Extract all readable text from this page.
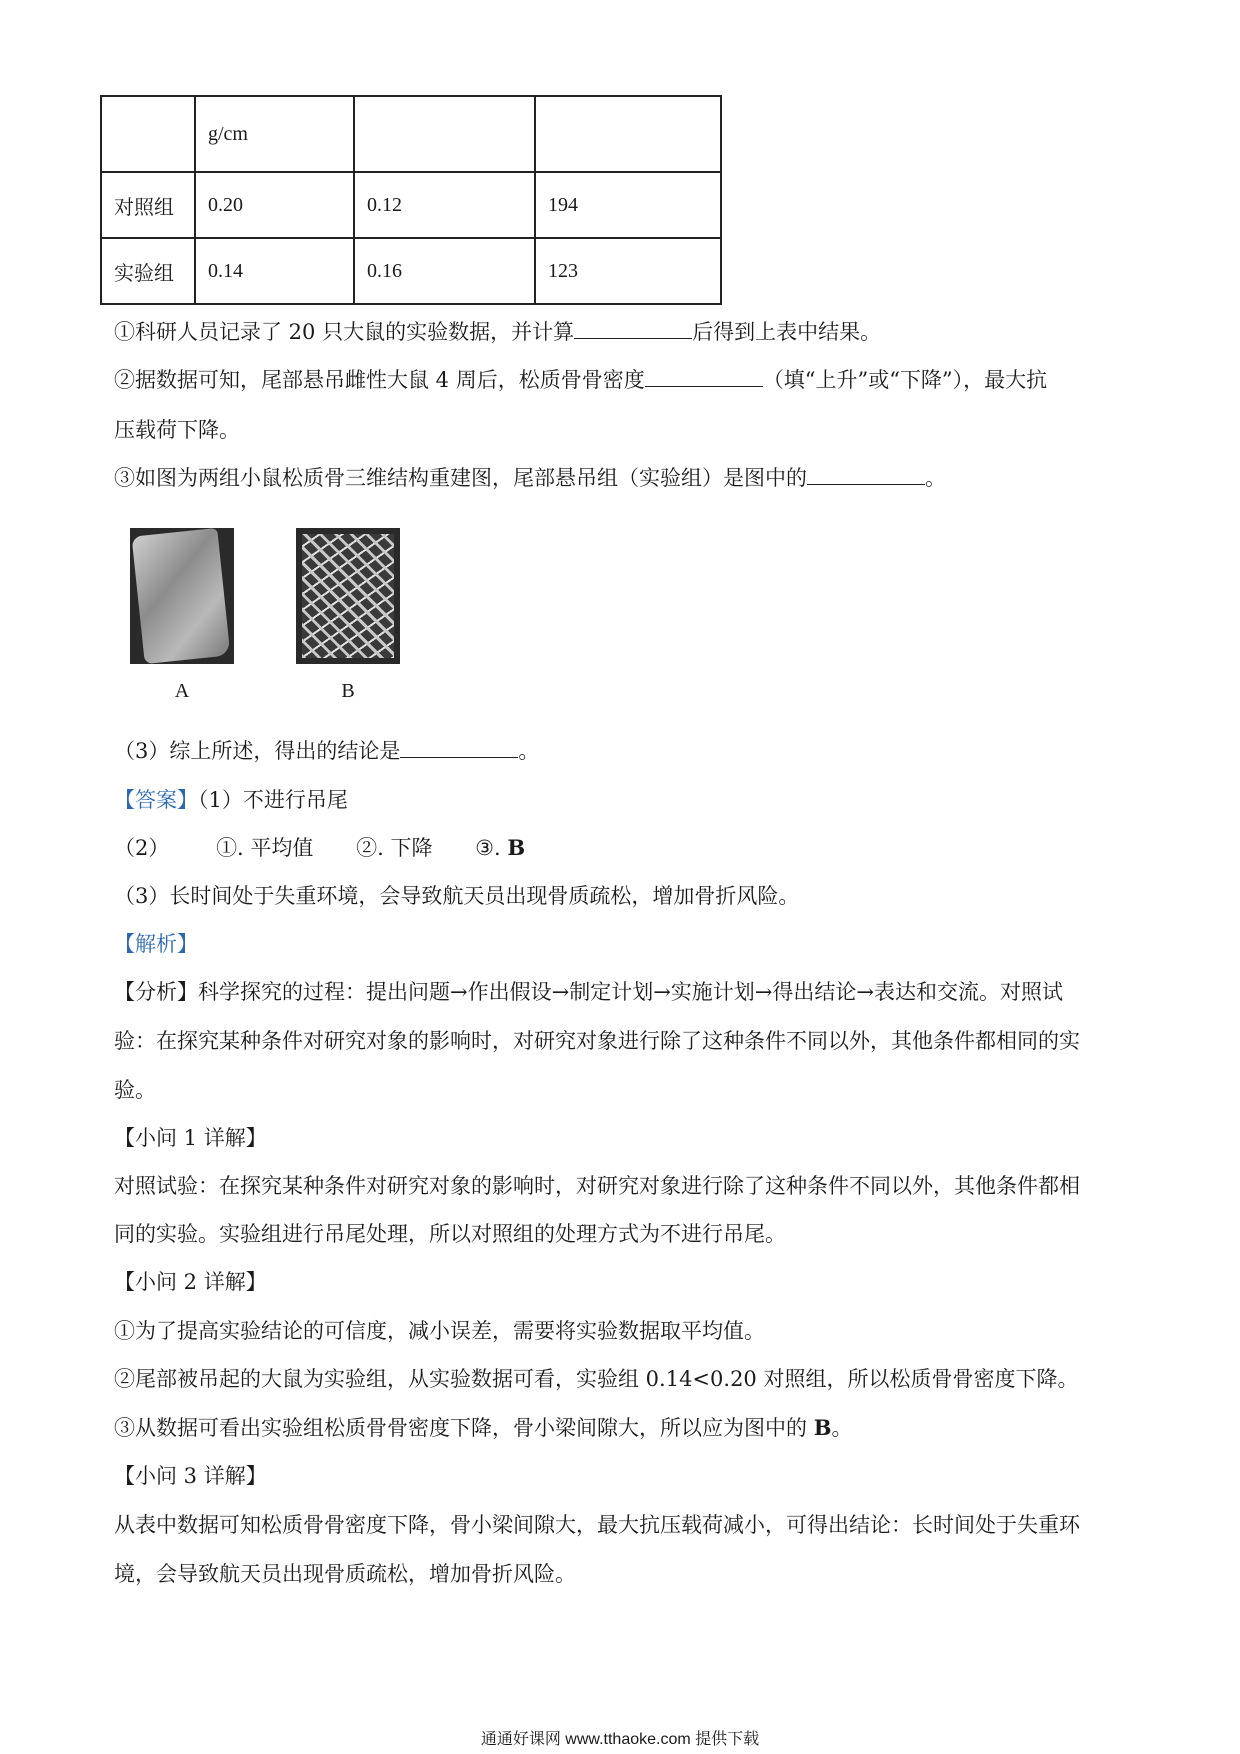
	g/cm		
对照组	0.20	0.12	194
实验组	0.14	0.16	123
①科研人员记录了 20 只大鼠的实验数据，并计算	后得到上表中结果。
②据数据可知，尾部悬吊雌性大鼠 4 周后，松质骨骨密度	（填“上升”或“下降”），最大抗
压载荷下降。
③如图为两组小鼠松质骨三维结构重建图，尾部悬吊组（实验组）是图中的	。
A	B
（3）综上所述，得出的结论是	。
【答案】（1）不进行吊尾
（2） ①. 平均值 ②. 下降 ③. B
（3）长时间处于失重环境，会导致航天员出现骨质疏松，增加骨折风险。
【解析】
【分析】科学探究的过程：提出问题→作出假设→制定计划→实施计划→得出结论→表达和交流。对照试
验：在探究某种条件对研究对象的影响时，对研究对象进行除了这种条件不同以外，其他条件都相同的实
验。
【小问 1 详解】
对照试验：在探究某种条件对研究对象的影响时，对研究对象进行除了这种条件不同以外，其他条件都相
同的实验。实验组进行吊尾处理，所以对照组的处理方式为不进行吊尾。
【小问 2 详解】
①为了提高实验结论的可信度，减小误差，需要将实验数据取平均值。
②尾部被吊起的大鼠为实验组，从实验数据可看，实验组 0.14<0.20 对照组，所以松质骨骨密度下降。
③从数据可看出实验组松质骨骨密度下降，骨小梁间隙大，所以应为图中的 B。
【小问 3 详解】
从表中数据可知松质骨骨密度下降，骨小梁间隙大，最大抗压载荷减小，可得出结论：长时间处于失重环
境，会导致航天员出现骨质疏松，增加骨折风险。
通通好课网 www.tthaoke.com 提供下载
